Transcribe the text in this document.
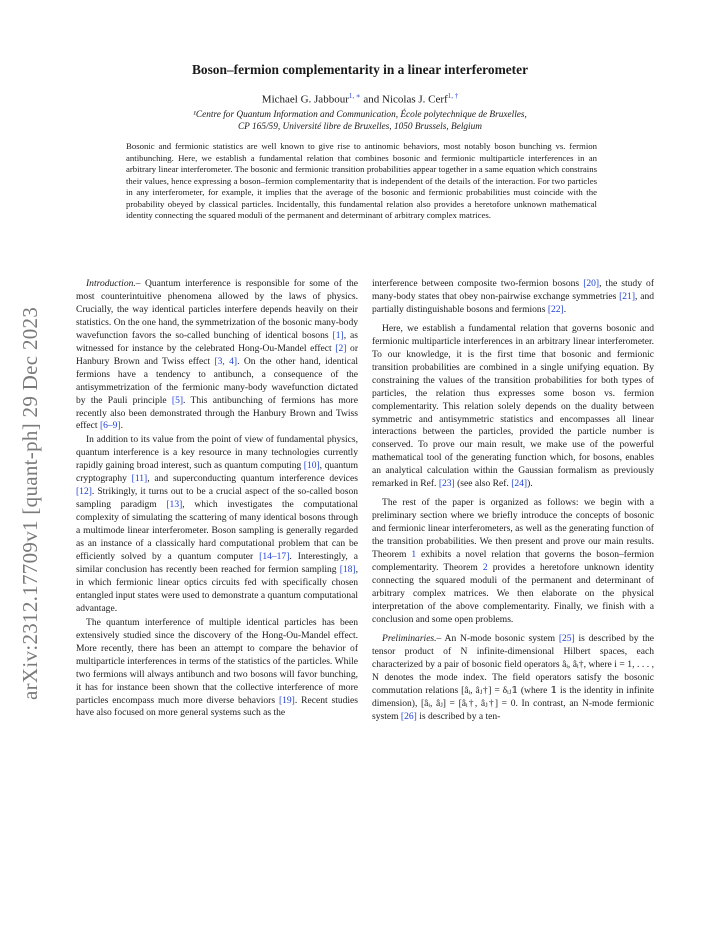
arXiv:2312.17709v1 [quant-ph] 29 Dec 2023
Boson–fermion complementarity in a linear interferometer
Michael G. Jabbour$^{1, ∗}$ and Nicolas J. Cerf$^{1, \dagger}$
¹Centre for Quantum Information and Communication, École polytechnique de Bruxelles,
CP 165/59, Université libre de Bruxelles, 1050 Brussels, Belgium
Bosonic and fermionic statistics are well known to give rise to antinomic behaviors, most notably boson bunching vs. fermion antibunching. Here, we establish a fundamental relation that combines bosonic and fermionic multiparticle interferences in an arbitrary linear interferometer. The bosonic and fermionic transition probabilities appear together in a same equation which constrains their values, hence expressing a boson–fermion complementarity that is independent of the details of the interaction. For two particles in any interferometer, for example, it implies that the average of the bosonic and fermionic probabilities must coincide with the probability obeyed by classical particles. Incidentally, this fundamental relation also provides a heretofore unknown mathematical identity connecting the squared moduli of the permanent and determinant of arbitrary complex matrices.

Introduction.– Quantum interference is responsible for some of the most counterintuitive phenomena allowed by the laws of physics. Crucially, the way identical particles interfere depends heavily on their statistics. On the one hand, the symmetrization of the bosonic many-body wavefunction favors the so-called bunching of identical bosons [1], as witnessed for instance by the celebrated Hong-Ou-Mandel effect [2] or Hanbury Brown and Twiss effect [3, 4]. On the other hand, identical fermions have a tendency to antibunch, a consequence of the antisymmetrization of the fermionic many-body wavefunction dictated by the Pauli principle [5]. This antibunching of fermions has more recently also been demonstrated through the Hanbury Brown and Twiss effect [6–9].

In addition to its value from the point of view of fundamental physics, quantum interference is a key resource in many technologies currently rapidly gaining broad interest, such as quantum computing [10], quantum cryptography [11], and superconducting quantum interference devices [12]. Strikingly, it turns out to be a crucial aspect of the so-called boson sampling paradigm [13], which investigates the computational complexity of simulating the scattering of many identical bosons through a multimode linear interferometer. Boson sampling is generally regarded as an instance of a classically hard computational problem that can be efficiently solved by a quantum computer [14–17]. Interestingly, a similar conclusion has recently been reached for fermion sampling [18], in which fermionic linear optics circuits fed with specifically chosen entangled input states were used to demonstrate a quantum computational advantage.

The quantum interference of multiple identical particles has been extensively studied since the discovery of the Hong-Ou-Mandel effect. More recently, there has been an attempt to compare the behavior of multiparticle interferences in terms of the statistics of the particles. While two fermions will always antibunch and two bosons will favor bunching, it has for instance been shown that the collective interference of more particles encompass much more diverse behaviors [19]. Recent studies have also focused on more general systems such as the

interference between composite two-fermion bosons [20], the study of many-body states that obey non-pairwise exchange symmetries [21], and partially distinguishable bosons and fermions [22].

Here, we establish a fundamental relation that governs bosonic and fermionic multiparticle interferences in an arbitrary linear interferometer. To our knowledge, it is the first time that bosonic and fermionic transition probabilities are combined in a single unifying equation. By constraining the values of the transition probabilities for both types of particles, the relation thus expresses some boson vs. fermion complementarity. This relation solely depends on the duality between symmetric and antisymmetric statistics and encompasses all linear interactions between the particles, provided the particle number is conserved. To prove our main result, we make use of the powerful mathematical tool of the generating function which, for bosons, enables an analytical calculation within the Gaussian formalism as previously remarked in Ref. [23] (see also Ref. [24]).

The rest of the paper is organized as follows: we begin with a preliminary section where we briefly introduce the concepts of bosonic and fermionic linear interferometers, as well as the generating function of the transition probabilities. We then present and prove our main results. Theorem 1 exhibits a novel relation that governs the boson–fermion complementarity. Theorem 2 provides a heretofore unknown identity connecting the squared moduli of the permanent and determinant of arbitrary complex matrices. We then elaborate on the physical interpretation of the above complementarity. Finally, we finish with a conclusion and some open problems.

Preliminaries.– An N-mode bosonic system [25] is described by the tensor product of N infinite-dimensional Hilbert spaces, each characterized by a pair of bosonic field operators âᵢ, âᵢ†, where i = 1, . . . , N denotes the mode index. The field operators satisfy the bosonic commutation relations [âᵢ, âⱼ†] = δᵢⱼ𝟙 (where 𝟙 is the identity in infinite dimension), [âᵢ, âⱼ] = [âᵢ†, âⱼ†] = 0. In contrast, an N-mode fermionic system [26] is described by a ten-
